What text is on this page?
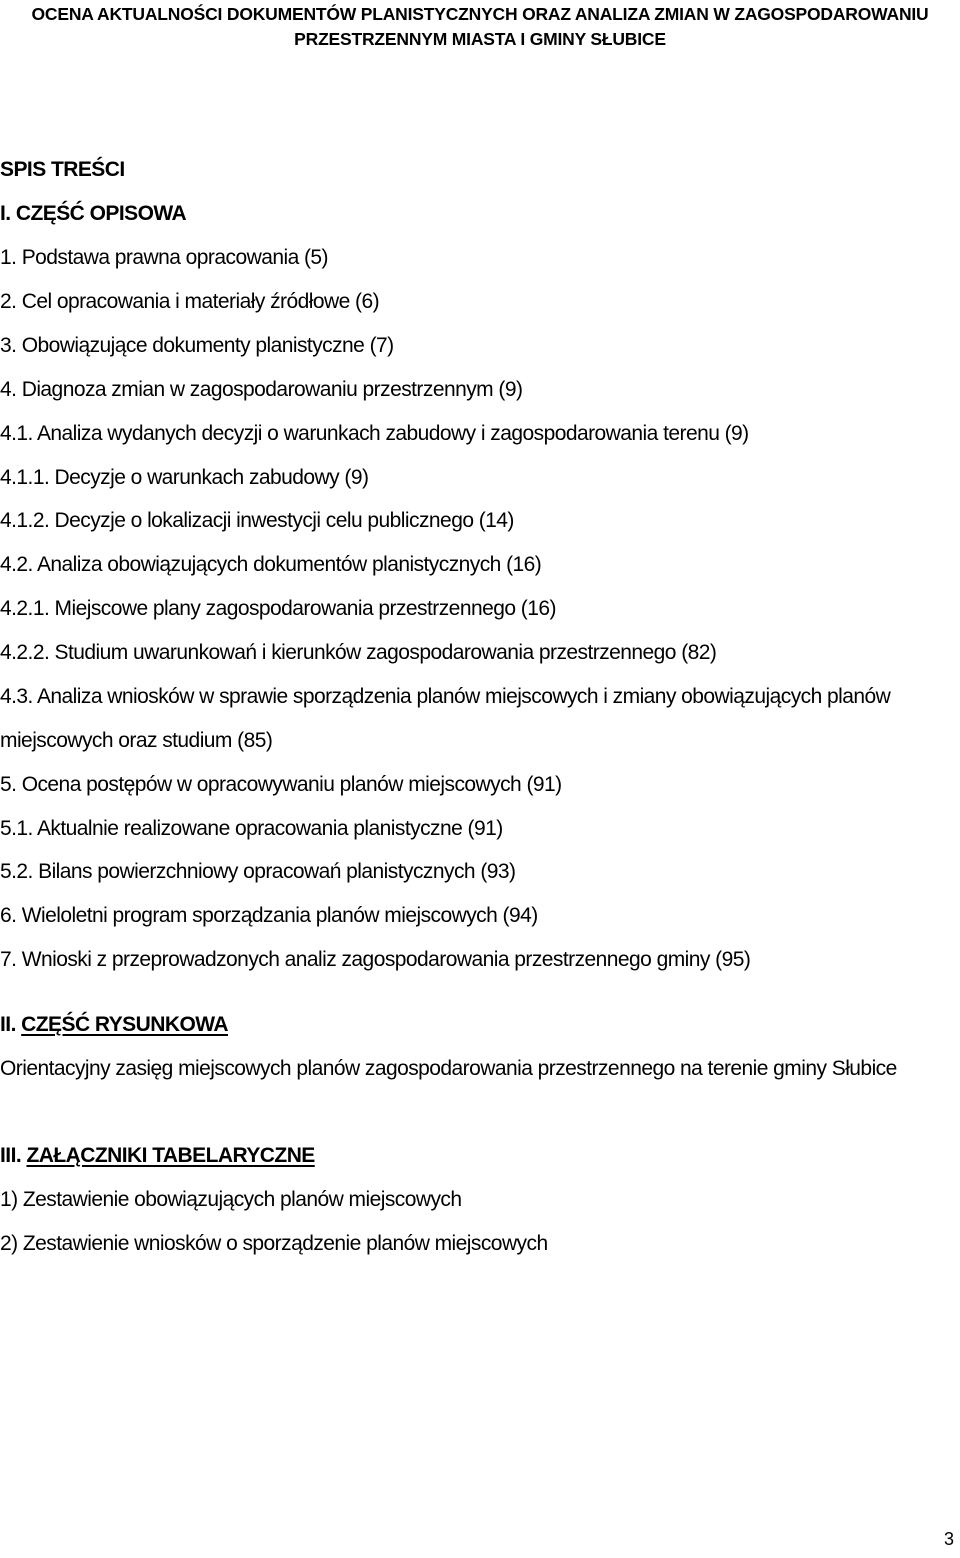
OCENA AKTUALNOŚCI DOKUMENTÓW PLANISTYCZNYCH ORAZ ANALIZA ZMIAN W ZAGOSPODAROWANIU
PRZESTRZENNYM MIASTA I GMINY SŁUBICE
SPIS TREŚCI
I. CZĘŚĆ OPISOWA
1. Podstawa prawna opracowania (5)
2. Cel opracowania i materiały źródłowe (6)
3. Obowiązujące dokumenty planistyczne (7)
4. Diagnoza zmian w zagospodarowaniu przestrzennym (9)
4.1. Analiza wydanych decyzji o warunkach zabudowy i zagospodarowania terenu (9)
4.1.1. Decyzje o warunkach zabudowy (9)
4.1.2. Decyzje o lokalizacji inwestycji celu publicznego (14)
4.2. Analiza obowiązujących dokumentów planistycznych (16)
4.2.1. Miejscowe plany zagospodarowania przestrzennego (16)
4.2.2. Studium uwarunkowań i kierunków zagospodarowania przestrzennego (82)
4.3. Analiza wniosków w sprawie sporządzenia planów miejscowych i zmiany obowiązujących planów
miejscowych oraz studium (85)
5. Ocena postępów w opracowywaniu planów miejscowych (91)
5.1. Aktualnie realizowane opracowania planistyczne (91)
5.2. Bilans powierzchniowy opracowań planistycznych (93)
6. Wieloletni program sporządzania planów miejscowych (94)
7. Wnioski z przeprowadzonych analiz zagospodarowania przestrzennego gminy (95)
II. CZĘŚĆ RYSUNKOWA
Orientacyjny zasięg miejscowych planów zagospodarowania przestrzennego na terenie gminy Słubice
III. ZAŁĄCZNIKI TABELARYCZNE
1) Zestawienie obowiązujących planów miejscowych
2) Zestawienie wniosków o sporządzenie planów miejscowych
3
